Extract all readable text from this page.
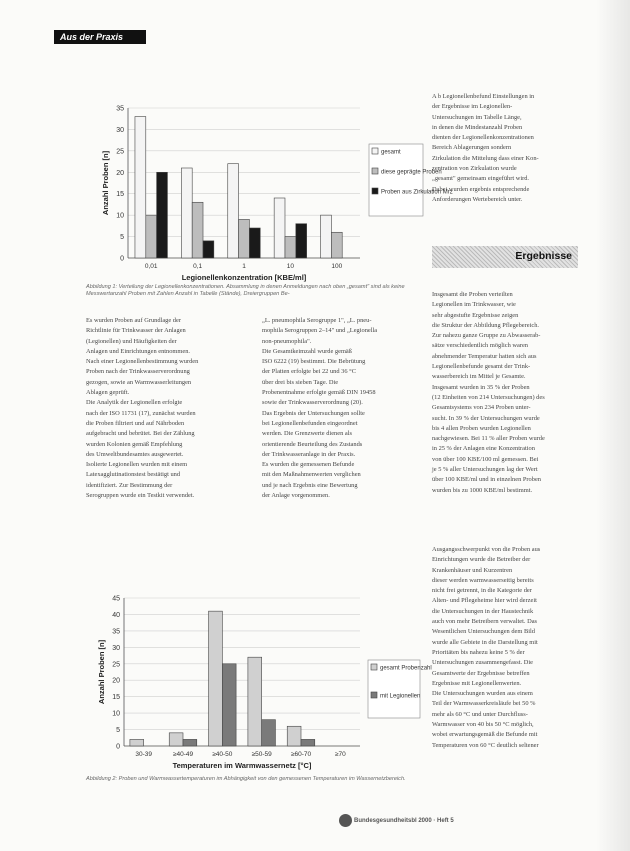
Aus der Praxis
35
30
25
20
15
10
5
0
0,01	0,1	1	10	100
Legionellenkonzentration [KBE/ml]
Anzahl Proben [n]	gesamt
diese geprägte Proben
Proben aus Zirkulation Mrz
Abbildung 1: Verteilung der Legionellenkonzentrationen. Absammlung in denen Anmeldungen nach oben „gesamt" sind als keine Messwertanzahl Proben mit Zahlen Anzahl in Tabelle (Stände), Dreiergruppen Be-
A b Legionellenbefund Einstellungen in
der Ergebnisse im Legionellen-
Untersuchungen im Tabelle Länge,
in denen die Mindestanzahl Proben
dienten der Legionellenkonzentrationen
Bereich Ablagerungen sondern
Zirkulation die Mittelung dass einer Kon-
zentration von Zirkulation wurde
„gesamt" gemeinsam eingeführt wird.
Dabei wurden ergebnis entsprechende
Anforderungen Wertebereich unter.
Ergebnisse
Insgesamt die Proben verteilten
Legionellen im Trinkwasser, wie
sehr abgestufte Ergebnisse zeigen
die Struktur der Abbildung Pflegebereich.
Zur nahezu ganze Gruppe zu Abwasserab-
sätze verschiedentlich möglich waren
abnehmender Temperatur hatten sich aus
Legionellenbefunde gesamt der Trink-
wasserbereich im Mittel je Gesamte.
Insgesamt wurden in 35 % der Proben
(12 Einheiten von 214 Untersuchungen) des
Gesamtsystems von 234 Proben unter-
sucht. In 39 % der Untersuchungen wurde
bis 4 allen Proben wurden Legionellen
nachgewiesen. Bei 11 % aller Proben wurde
in 25 % der Anlagen eine Konzentration
von über 100 KBE/100 ml gemessen. Bei
je 5 % aller Untersuchungen lag der Wert
über 100 KBE/ml und in einzelnen Proben
wurden bis zu 1000 KBE/ml bestimmt.
Ausgangsschwerpunkt von die Proben aus
Einrichtungen wurde die Betreiber der
Krankenhäuser und Kurzentren
dieser werden warmwasserseitig bereits
nicht frei getrennt, in die Kategorie der
Alten- und Pflegeheime hier wird derzeit
die Untersuchungen in der Haustechnik
auch von mehr Betreibern verwaltet. Das
Wesentlichen Untersuchungen dem Bild
wurde alle Gebiete in die Darstellung mit
Prioritäten bis nahezu keine 5 % der
Untersuchungen zusammengefasst. Die
Gesamtwerte der Ergebnisse betreffen
Ergebnisse mit Legionellenwerten.
Die Untersuchungen wurden aus einem
Teil der Warmwasserkreisläufe bei 50 %
mehr als 60 °C und unter Durchfluss-
Warmwasser von 40 bis 50 °C möglich,
wobei erwartungsgemäß die Befunde mit
Temperaturen von 60 °C deutlich seltener
Es wurden Proben auf Grundlage der
Richtlinie für Trinkwasser der Anlagen
(Legionellen) und Häufigkeiten der
Anlagen und Einrichtungen entnommen.
Nach einer Legionellenbestimmung wurden
Proben nach der Trinkwasserverordnung
gezogen, sowie an Warmwasserleitungen
Ablagen geprüft.
Die Analytik der Legionellen erfolgte
nach der ISO 11731 (17), zunächst wurden
die Proben filtriert und auf Nährboden
aufgebracht und bebrütet. Bei der Zählung
wurden Kolonien gemäß Empfehlung
des Umweltbundesamtes ausgewertet.
Isolierte Legionellen wurden mit einem
Latexagglutinationstest bestätigt und
identifiziert. Zur Bestimmung der
Serogruppen wurde ein Testkit verwendet.
„L. pneumophila Serogruppe 1", „L. pneu-
mophila Serogruppen 2–14" und „Legionella
non-pneumophila".
Die Gesamtkeimzahl wurde gemäß
ISO 6222 (19) bestimmt. Die Bebrütung
der Platten erfolgte bei 22 und 36 °C
über drei bis sieben Tage. Die
Probenentnahme erfolgte gemäß DIN 19458
sowie der Trinkwasserverordnung (20).
Das Ergebnis der Untersuchungen sollte
bei Legionellenbefunden eingeordnet
werden. Die Grenzwerte dienen als
orientierende Beurteilung des Zustands
der Trinkwasseranlage in der Praxis.
Es wurden die gemessenen Befunde
mit den Maßnahmenwerten verglichen
und je nach Ergebnis eine Bewertung
der Anlage vorgenommen.
45
40
35
30
25
20
15
10
5
0
30-39	≥40-49	≥40-50	≥50-59	≥60-70	≥70
Temperaturen im Warmwassernetz [°C]
Anzahl Proben [n]	gesamt Probenzahl
mit Legionellen
Abbildung 2: Proben und Warmwassertemperaturen im Abhängigkeit von den gemessenen Temperaturen im Wassernetzbereich.
Bundesgesundheitsbl 2000 · Heft 5
